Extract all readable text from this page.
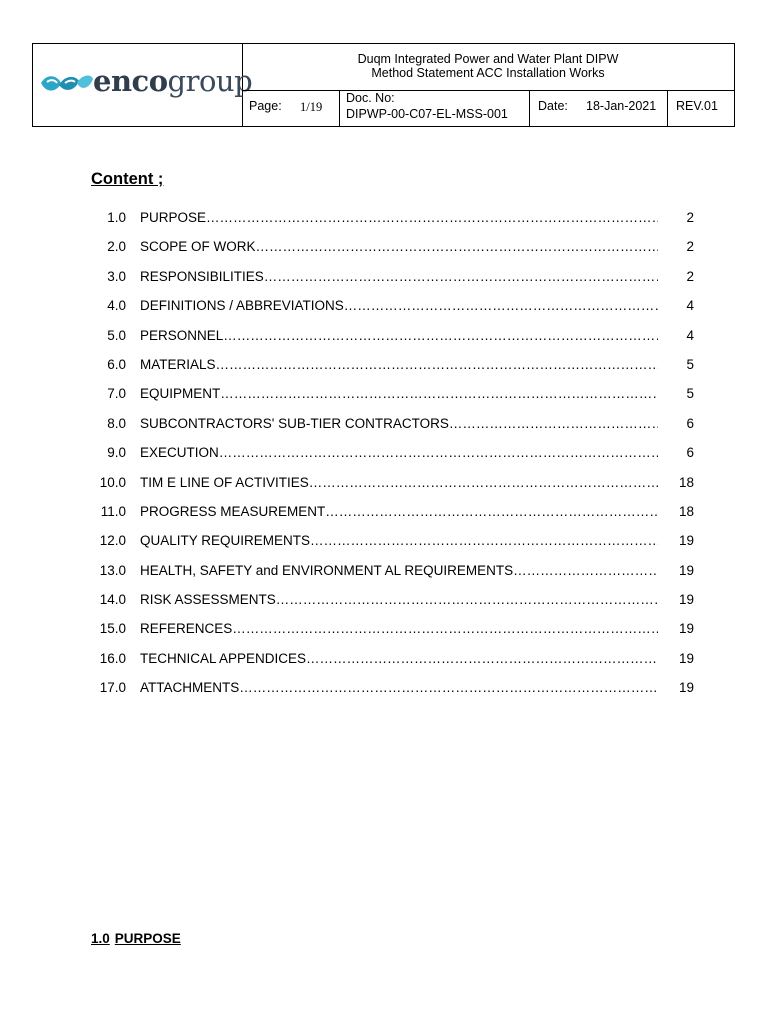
encogroup
Duqm Integrated Power and Water Plant DIPW
Method Statement ACC Installation Works
Page: 1/19
Doc. No:
DIPWP-00-C07-EL-MSS-001
Date: 18-Jan-2021 REV.01
Content ;
1.0 PURPOSE ………………………………………………………………………………………………………………………………………………	2
2.0 SCOPE OF WORK ………………………………………………………………………………………………………………………………………………	2
3.0 RESPONSIBILITIES ………………………………………………………………………………………………………………………………………………	2
4.0 DEFINITIONS / ABBREVIATIONS ………………………………………………………………………………………………………………………………………………	4
5.0 PERSONNEL ………………………………………………………………………………………………………………………………………………	4
6.0 MATERIALS ………………………………………………………………………………………………………………………………………………	5
7.0 EQUIPMENT ………………………………………………………………………………………………………………………………………………	5
8.0 SUBCONTRACTORS' SUB-TIER CONTRACTORS ………………………………………………………………………………………………………………………………………………	6
9.0 EXECUTION ………………………………………………………………………………………………………………………………………………	6
10.0 TIM E LINE OF ACTIVITIES ………………………………………………………………………………………………………………………………………………	18
11.0 PROGRESS MEASUREMENT ………………………………………………………………………………………………………………………………………………	18
12.0 QUALITY REQUIREMENTS ………………………………………………………………………………………………………………………………………………	19
13.0 HEALTH, SAFETY and ENVIRONMENT AL REQUIREMENTS ………………………………………………………………………………………………………………………………………………	19
14.0 RISK ASSESSMENTS ………………………………………………………………………………………………………………………………………………	19
15.0 REFERENCES ………………………………………………………………………………………………………………………………………………	19
16.0 TECHNICAL APPENDICES ………………………………………………………………………………………………………………………………………………	19
17.0 ATTACHMENTS ………………………………………………………………………………………………………………………………………………	19
1.0 PURPOSE
